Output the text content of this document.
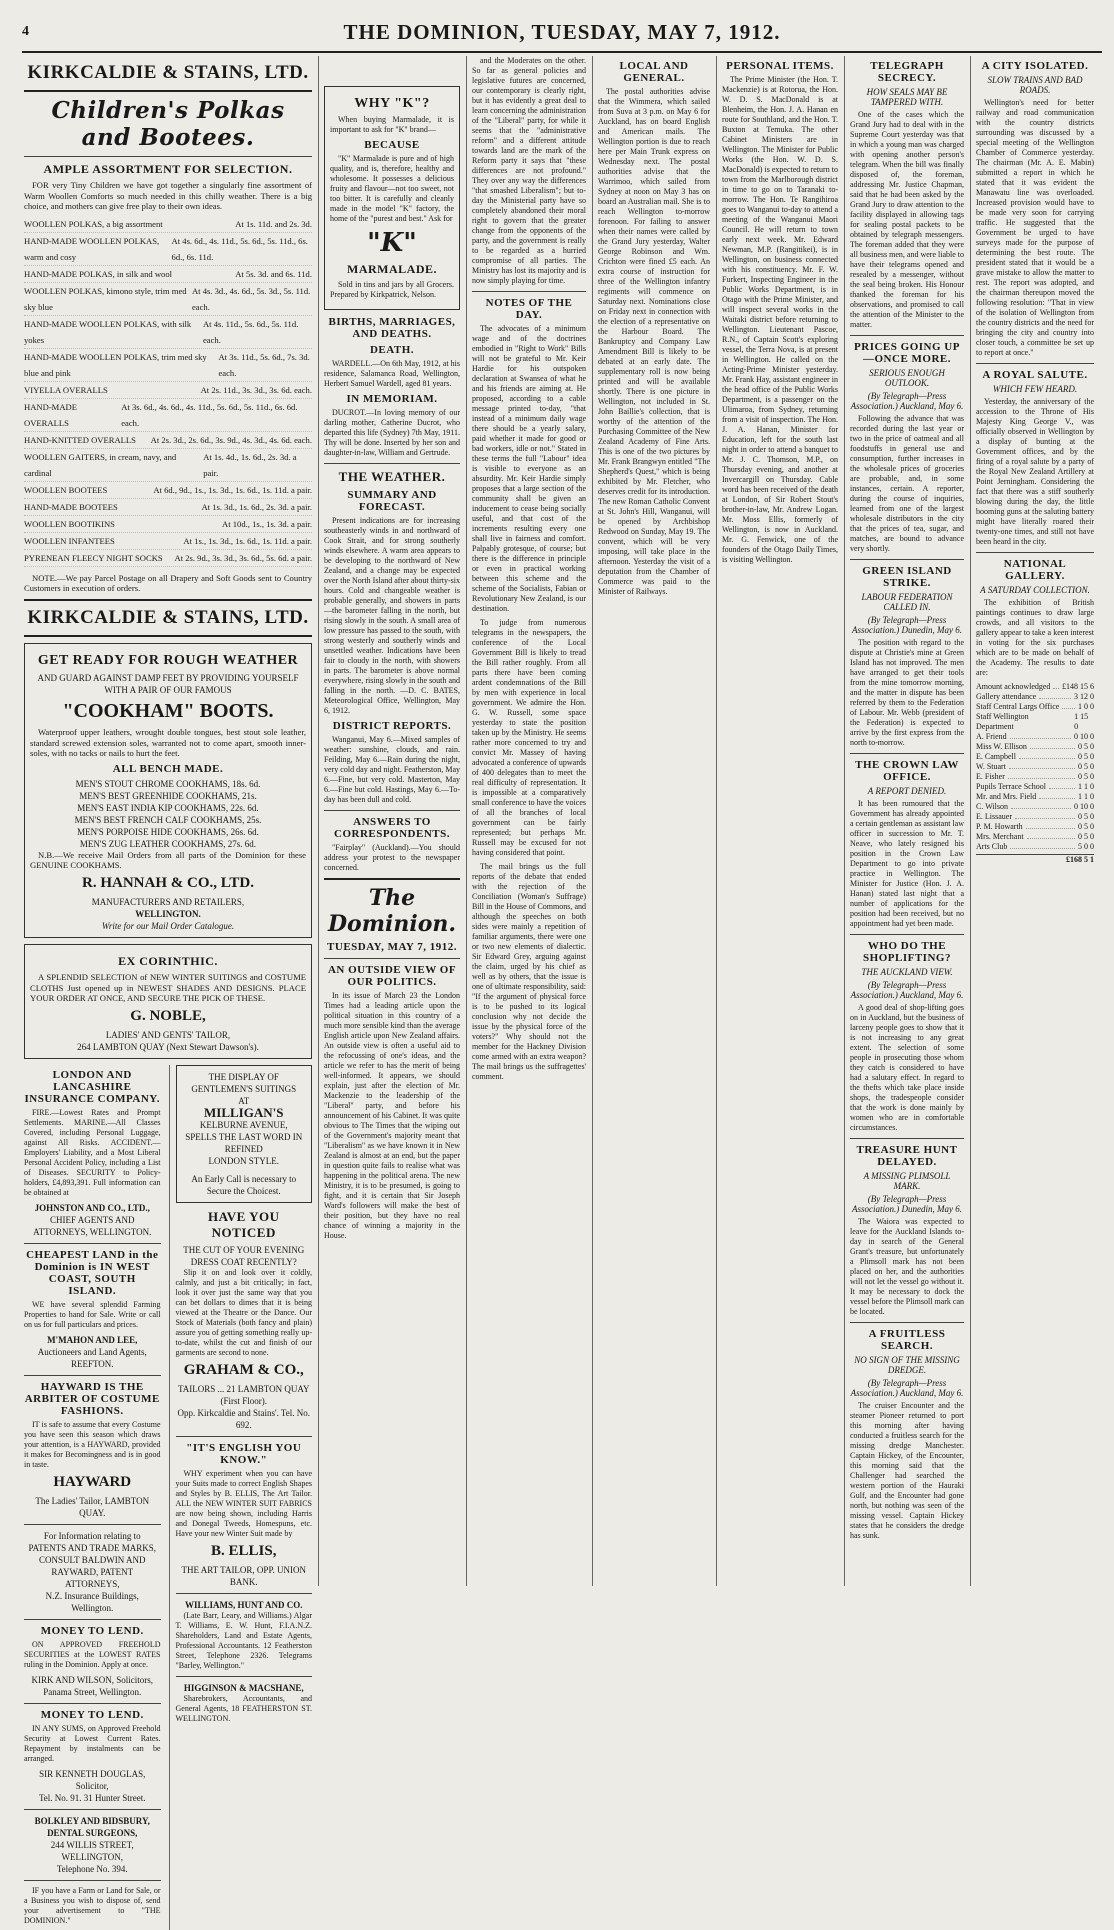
4	THE DOMINION, TUESDAY, MAY 7, 1912.
KIRKCALDIE & STAINS, LTD.
Children's Polkas and Bootees.
AMPLE ASSORTMENT FOR SELECTION.

FOR very Tiny Children we have got together a singularly fine assortment of Warm Woollen Comforts so much needed in this chilly weather. There is a big choice, and mothers can give free play to their own ideas.

WOOLLEN POLKAS, a big assortment	At 1s. 11d. and 2s. 3d.
HAND-MADE WOOLLEN POLKAS, warm and cosy
At 4s. 6d., 4s. 11d., 5s. 6d., 5s. 11d., 6s. 6d., 6s. 11d.
HAND-MADE POLKAS, in silk and wool	At 5s. 3d. and 6s. 11d.
WOOLLEN POLKAS, kimono style, trim med sky blue
At 4s. 3d., 4s. 6d., 5s. 3d., 5s. 11d. each.
HAND-MADE WOOLLEN POLKAS, with silk yokes
At 4s. 11d., 5s. 6d., 5s. 11d. each.
HAND-MADE WOOLLEN POLKAS, trim med sky blue and pink
At 3s. 11d., 5s. 6d., 7s. 3d. each.
VIYELLA OVERALLS	At 2s. 11d., 3s. 3d., 3s. 6d. each.
HAND-MADE OVERALLS
At 3s. 6d., 4s. 6d., 4s. 11d., 5s. 6d., 5s. 11d., 6s. 6d. each.
HAND-KNITTED OVERALLS At 2s. 3d., 2s. 6d., 3s. 9d., 4s. 3d., 4s. 6d. each.
WOOLLEN GAITERS, in cream, navy, and cardinal
At 1s. 4d., 1s. 6d., 2s. 3d. a pair.
WOOLLEN BOOTEES	At 6d., 9d., 1s., 1s. 3d., 1s. 6d., 1s. 11d. a pair.
HAND-MADE BOOTEES	At 1s. 3d., 1s. 6d., 2s. 3d. a pair.
WOOLLEN BOOTIKINS	At 10d., 1s., 1s. 3d. a pair.
WOOLLEN INFANTEES	At 1s., 1s. 3d., 1s. 6d., 1s. 11d. a pair.
PYRENEAN FLEECY NIGHT SOCKS At 2s. 9d., 3s. 3d., 3s. 6d., 5s. 6d. a pair.

NOTE.—We pay Parcel Postage on all Drapery and Soft Goods sent to Country Customers in execution of orders.

KIRKCALDIE & STAINS, LTD.
GET READY FOR ROUGH WEATHER

AND GUARD AGAINST DAMP FEET BY PROVIDING YOURSELF WITH A PAIR OF OUR FAMOUS

"COOKHAM" BOOTS.

Waterproof upper leathers, wrought double tongues, best stout sole leather, standard screwed extension soles, warranted not to come apart, smooth inner-soles, with no tacks or nails to hurt the feet.

ALL BENCH MADE.
MEN'S STOUT CHROME COOKHAMS, 18s. 6d.
MEN'S BEST GREENHIDE COOKHAMS, 21s.
MEN'S EAST INDIA KIP COOKHAMS, 22s. 6d.
MEN'S BEST FRENCH CALF COOKHAMS, 25s.
MEN'S PORPOISE HIDE COOKHAMS, 26s. 6d.
MEN'S ZUG LEATHER COOKHAMS, 27s. 6d.

N.B.—We receive Mail Orders from all parts of the Dominion for these GENUINE COOKHAMS.

R. HANNAH & CO., LTD.

MANUFACTURERS AND RETAILERS,

WELLINGTON.

Write for our Mail Order Catalogue.

EX CORINTHIC.

A SPLENDID SELECTION of NEW WINTER SUITINGS and COSTUME CLOTHS Just opened up in NEWEST SHADES AND DESIGNS. PLACE YOUR ORDER AT ONCE, AND SECURE THE PICK OF THESE.

G. NOBLE,

LADIES' AND GENTS' TAILOR,

264 LAMBTON QUAY (Next Stewart Dawson's).

LONDON AND LANCASHIRE INSURANCE COMPANY.

FIRE.—Lowest Rates and Prompt Settlements. MARINE.—All Classes Covered, including Personal Luggage, against All Risks. ACCIDENT.—Employers' Liability, and a Most Liberal Personal Accident Policy, including a List of Diseases. SECURITY to Policy-holders, £4,893,391. Full information can be obtained at

JOHNSTON AND CO., LTD.,

CHIEF AGENTS AND ATTORNEYS, WELLINGTON.

CHEAPEST LAND in the Dominion is IN WEST COAST, SOUTH ISLAND.

WE have several splendid Farming Properties to hand for Sale. Write or call on us for full particulars and prices.

M'MAHON AND LEE,

Auctioneers and Land Agents, REEFTON.

HAYWARD IS THE ARBITER OF COSTUME FASHIONS.

IT is safe to assume that every Costume you have seen this season which draws your attention, is a HAYWARD, provided it makes for Becomingness and is in good in taste.

HAYWARD

The Ladies' Tailor, LAMBTON QUAY.

For Information relating to PATENTS AND TRADE MARKS, CONSULT BALDWIN AND RAYWARD, PATENT ATTORNEYS,

N.Z. Insurance Buildings, Wellington.

MONEY TO LEND.

ON APPROVED FREEHOLD SECURITIES at the LOWEST RATES ruling in the Dominion. Apply at once.

KIRK AND WILSON, Solicitors,

Panama Street, Wellington.

MONEY TO LEND.

IN ANY SUMS, on Approved Freehold Security at Lowest Current Rates. Repayment by instalments can be arranged.

SIR KENNETH DOUGLAS, Solicitor,

Tel. No. 91. 31 Hunter Street.

BOLKLEY AND BIDSBURY, DENTAL SURGEONS,

244 WILLIS STREET, WELLINGTON,

Telephone No. 394.

IF you have a Farm or Land for Sale, or a Business you wish to dispose of, send your advertisement to "THE DOMINION."

THE DISPLAY OF

GENTLEMEN'S SUITINGS

AT

MILLIGAN'S

KELBURNE AVENUE,

SPELLS THE LAST WORD IN

REFINED

LONDON STYLE.

An Early Call is necessary to Secure the Choicest.

HAVE YOU NOTICED

THE CUT OF YOUR EVENING DRESS COAT RECENTLY?

Slip it on and look over it coldly, calmly, and just a bit critically; in fact, look it over just the same way that you can bet dollars to dimes that it is being viewed at the Theatre or the Dance. Our Stock of Materials (both fancy and plain) assure you of getting something really up-to-date, whilst the cut and finish of our garments are second to none.

GRAHAM & CO.,

TAILORS ... 21 LAMBTON QUAY (First Floor).

Opp. Kirkcaldie and Stains'. Tel. No. 692.

"IT'S ENGLISH YOU KNOW."

WHY experiment when you can have your Suits made to correct English Shapes and Styles by B. ELLIS, The Art Tailor. ALL the NEW WINTER SUIT FABRICS are now being shown, including Harris and Donegal Tweeds, Homespuns, etc. Have your new Winter Suit made by

B. ELLIS,

THE ART TAILOR, OPP. UNION BANK.

WILLIAMS, HUNT AND CO.

(Late Barr, Leary, and Williams.) Algar T. Williams, E. W. Hunt, F.I.A.N.Z. Shareholders, Land and Estate Agents, Professional Accountants. 12 Featherston Street, Telephone 2326. Telegrams "Barley, Wellington."

HIGGINSON & MACSHANE,

Sharebrokers, Accountants, and General Agents, 18 FEATHERSTON ST. WELLINGTON.

WHY "K"?

When buying Marmalade, it is important to ask for "K" brand—

BECAUSE

"K" Marmalade is pure and of high quality, and is, therefore, healthy and wholesome. It possesses a delicious fruity and flavour—not too sweet, not too bitter. It is carefully and cleanly made in the model "K" factory, the home of the "purest and best." Ask for

"K"
MARMALADE.

Sold in tins and jars by all Grocers. Prepared by Kirkpatrick, Nelson.

BIRTHS, MARRIAGES, AND DEATHS.
DEATH.

WARDELL.—On 6th May, 1912, at his residence, Salamanca Road, Wellington, Herbert Samuel Wardell, aged 81 years.

IN MEMORIAM.

DUCROT.—In loving memory of our darling mother, Catherine Ducrot, who departed this life (Sydney) 7th May, 1911. Thy will be done. Inserted by her son and daughter-in-law, William and Gertrude.

THE WEATHER.
SUMMARY AND FORECAST.

Present indications are for increasing southeasterly winds in and northward of Cook Strait, and for strong southerly winds elsewhere. A warm area appears to be developing to the northward of New Zealand, and a change may be expected over the North Island after about thirty-six hours. Cold and changeable weather is probable generally, and showers in parts—the barometer falling in the north, but rising slowly in the south. A small area of low pressure has passed to the south, with strong westerly and southerly winds and unsettled weather. Indications have been fair to cloudy in the north, with showers in parts. The barometer is above normal everywhere, rising slowly in the south and falling in the north. —D. C. BATES, Meteorological Office, Wellington, May 6, 1912.

DISTRICT REPORTS.

Wanganui, May 6.—Mixed samples of weather: sunshine, clouds, and rain. Feilding, May 6.—Rain during the night, very cold day and night. Featherston, May 6.—Fine, but very cold. Masterton, May 6.—Fine but cold. Hastings, May 6.—To-day has been dull and cold.

ANSWERS TO CORRESPONDENTS.

"Fairplay" (Auckland).—You should address your protest to the newspaper concerned.

The Dominion.
TUESDAY, MAY 7, 1912.
AN OUTSIDE VIEW OF OUR POLITICS.

In its issue of March 23 the London Times had a leading article upon the political situation in this country of a much more sensible kind than the average English article upon New Zealand affairs. An outside view is often a useful aid to the refocussing of one's ideas, and the article we refer to has the merit of being well-informed. It appears, we should explain, just after the election of Mr. Mackenzie to the leadership of the "Liberal" party, and before his announcement of his Cabinet. It was quite obvious to The Times that the wiping out of the Government's majority meant that "Liberalism" as we have known it in New Zealand is almost at an end, but the paper in question quite fails to realise what was happening in the political arena. The new Ministry, it is to be presumed, is going to fight, and it is certain that Sir Joseph Ward's followers will make the best of their position, but they have no real chance of winning a majority in the House.

and the Moderates on the other. So far as general policies and legislative futures are concerned, our contemporary is clearly right, but it has evidently a great deal to learn concerning the administration of the "Liberal" party, for while it seems that the "administrative reform" and a different attitude towards land are the mark of the Reform party it says that "these differences are not profound." They over any way the differences "that smashed Liberalism"; but to-day the Ministerial party have so completely abandoned their moral right to govern that the greater change from the opponents of the party, and the government is really to be regarded as a hurried compromise of all parties. The Ministry has lost its majority and is now simply playing for time.

NOTES OF THE DAY.

The advocates of a minimum wage and of the doctrines embodied in "Right to Work" Bills will not be grateful to Mr. Keir Hardie for his outspoken declaration at Swansea of what he and his friends are aiming at. He proposed, according to a cable message printed to-day, "that instead of a minimum daily wage there should be a yearly salary, paid whether it made for good or bad workers, idle or not." Stated in these terms the full "Labour" idea is visible to everyone as an absurdity. Mr. Keir Hardie simply proposes that a large section of the community shall be given an inducement to cease being socially useful, and that cost of the increments resulting every one shall live in fairness and comfort. Palpably grotesque, of course; but there is the difference in principle or even in practical working between this scheme and the scheme of the Socialists, Fabian or Revolutionary New Zealand, is our destination.

To judge from numerous telegrams in the newspapers, the conference of the Local Government Bill is likely to tread the Bill rather roughly. From all parts there have been coming ardent condemnations of the Bill by men with experience in local government. We admire the Hon. G. W. Russell, some space yesterday to state the position taken up by the Ministry. He seems rather more concerned to try and convict Mr. Massey of having advocated a conference of upwards of 400 delegates than to meet the real difficulty of representation. It is impossible at a comparatively small conference to have the voices of all the branches of local government can be fairly represented; but perhaps Mr. Russell may be excused for not having considered that point.

The mail brings us the full reports of the debate that ended with the rejection of the Conciliation (Woman's Suffrage) Bill in the House of Commons, and although the speeches on both sides were mainly a repetition of familiar arguments, there were one or two new elements of dialectic. Sir Edward Grey, arguing against the claim, urged by his chief as well as by others, that the issue is one of ultimate responsibility, said: "If the argument of physical force is to be pushed to its logical conclusion why not decide the issue by the physical force of the voters?" Why should not the member for the Hackney Division come armed with an extra weapon? The mail brings us the suffragettes' comment.

LOCAL AND GENERAL.

The postal authorities advise that the Wimmera, which sailed from Suva at 3 p.m. on May 6 for Auckland, has on board English and American mails. The Wellington portion is due to reach here per Main Trunk express on Wednesday next. The postal authorities advise that the Warrimoo, which sailed from Sydney at noon on May 3 has on board an Australian mail. She is to reach Wellington to-morrow forenoon. For failing to answer when their names were called by the Grand Jury yesterday, Walter George Robinson and Wm. Crichton were fined £5 each. An extra course of instruction for three of the Wellington infantry regiments will commence on Saturday next. Nominations close on Friday next in connection with the election of a representative on the Harbour Board. The Bankruptcy and Company Law Amendment Bill is likely to be debated at an early date. The supplementary roll is now being printed and will be available shortly. There is one picture in Wellington, not included in St. John Baillie's collection, that is worthy of the attention of the Purchasing Committee of the New Zealand Academy of Fine Arts. This is one of the two pictures by Mr. Frank Brangwyn entitled "The Shepherd's Quest," which is being exhibited by Mr. Fletcher, who deserves credit for its introduction. The new Roman Catholic Convent at St. John's Hill, Wanganui, will be opened by Archbishop Redwood on Sunday, May 19. The convent, which will be very imposing, will take place in the afternoon. Yesterday the visit of a deputation from the Chamber of Commerce was paid to the Minister of Railways.

PERSONAL ITEMS.

The Prime Minister (the Hon. T. Mackenzie) is at Rotorua, the Hon. W. D. S. MacDonald is at Blenheim, the Hon. J. A. Hanan en route for Southland, and the Hon. T. Buxton at Temuka. The other Cabinet Ministers are in Wellington. The Minister for Public Works (the Hon. W. D. S. MacDonald) is expected to return to town from the Marlborough district in time to go on to Taranaki to-morrow. The Hon. Te Rangihiroa goes to Wanganui to-day to attend a meeting of the Wanganui Maori Council. He will return to town early next week. Mr. Edward Newman, M.P. (Rangitikei), is in Wellington, on business connected with his constituency. Mr. F. W. Furkert, Inspecting Engineer in the Public Works Department, is in Otago with the Prime Minister, and will inspect several works in the Waitaki district before returning to Wellington. Lieutenant Pascoe, R.N., of Captain Scott's exploring vessel, the Terra Nova, is at present in Wellington. He called on the Acting-Prime Minister yesterday. Mr. Frank Hay, assistant engineer in the head office of the Public Works Department, is a passenger on the Ulimaroa, from Sydney, returning from a visit of inspection. The Hon. J. A. Hanan, Minister for Education, left for the south last night in order to attend a banquet to Mr. J. C. Thomson, M.P., on Thursday evening, and another at Invercargill on Thursday. Cable word has been received of the death at London, of Sir Robert Stout's brother-in-law, Mr. Andrew Logan. Mr. Moss Ellis, formerly of Wellington, is now in Auckland. Mr. G. Fenwick, one of the founders of the Otago Daily Times, is visiting Wellington.

TELEGRAPH SECRECY.

HOW SEALS MAY BE TAMPERED WITH.

One of the cases which the Grand Jury had to deal with in the Supreme Court yesterday was that in which a young man was charged with opening another person's telegram. When the bill was finally disposed of, the foreman, addressing Mr. Justice Chapman, said that he had been asked by the Grand Jury to draw attention to the facility displayed in allowing tags for sealing postal packets to be obtained by telegraph messengers. The foreman added that they were all business men, and were liable to have their telegrams opened and resealed by a messenger, without the seal being broken. His Honour thanked the foreman for his observations, and promised to call the attention of the Minister to the matter.

PRICES GOING UP—ONCE MORE.

SERIOUS ENOUGH OUTLOOK.

(By Telegraph—Press Association.) Auckland, May 6.

Following the advance that was recorded during the last year or two in the price of oatmeal and all foodstuffs in general use and consumption, further increases in the wholesale prices of groceries are probable, and, in some instances, certain. A reporter, during the course of inquiries, learned from one of the largest wholesale distributors in the city that the prices of tea, sugar, and matches, are bound to advance very shortly.

GREEN ISLAND STRIKE.

LABOUR FEDERATION CALLED IN.

(By Telegraph—Press Association.) Dunedin, May 6.

The position with regard to the dispute at Christie's mine at Green Island has not improved. The men have arranged to get their tools from the mine tomorrow morning, and the matter in dispute has been referred by them to the Federation of Labour. Mr. Webb (president of the Federation) is expected to arrive by the first express from the north to-morrow.

THE CROWN LAW OFFICE.

A REPORT DENIED.

It has been rumoured that the Government has already appointed a certain gentleman as assistant law officer in succession to Mr. T. Neave, who lately resigned his position in the Crown Law Department to go into private practice in Wellington. The Minister for Justice (Hon. J. A. Hanan) stated last night that a number of applications for the position had been received, but no appointment had yet been made.

WHO DO THE SHOPLIFTING?

THE AUCKLAND VIEW.

(By Telegraph—Press Association.) Auckland, May 6.

A good deal of shop-lifting goes on in Auckland, but the business of larceny people goes to show that it is not increasing to any great extent. The selection of some people in prosecuting those whom they catch is considered to have had a salutary effect. In regard to the thefts which take place inside shops, the tradespeople consider that the work is done mainly by women who are in comfortable circumstances.

TREASURE HUNT DELAYED.

A MISSING PLIMSOLL MARK.

(By Telegraph—Press Association.) Dunedin, May 6.

The Waiora was expected to leave for the Auckland Islands to-day in search of the General Grant's treasure, but unfortunately a Plimsoll mark has not been placed on her, and the authorities will not let the vessel go without it. It may be necessary to dock the vessel before the Plimsoll mark can be located.

A FRUITLESS SEARCH.

NO SIGN OF THE MISSING DREDGE.

(By Telegraph—Press Association.) Auckland, May 6.

The cruiser Encounter and the steamer Pioneer returned to port this morning after having conducted a fruitless search for the missing dredge Manchester. Captain Hickey, of the Encounter, this morning said that the Challenger had searched the western portion of the Hauraki Gulf, and the Encounter had gone north, but nothing was seen of the missing vessel. Captain Hickey states that he considers the dredge has sunk.

A CITY ISOLATED.

SLOW TRAINS AND BAD ROADS.

Wellington's need for better railway and road communication with the country districts surrounding was discussed by a special meeting of the Wellington Chamber of Commerce yesterday. The chairman (Mr. A. E. Mabin) submitted a report in which he stated that it was evident the Manawatu line was overloaded. Increased provision would have to be made very soon for carrying traffic. He suggested that the Government be urged to have surveys made for the purpose of determining the best route. The president stated that it would be a grave mistake to allow the matter to rest. The report was adopted, and the chairman thereupon moved the following resolution: "That in view of the isolation of Wellington from the country districts and the need for bringing the city and country into closer touch, a committee be set up to report at once."

A ROYAL SALUTE.

WHICH FEW HEARD.

Yesterday, the anniversary of the accession to the Throne of His Majesty King George V., was officially observed in Wellington by a display of bunting at the Government offices, and by the firing of a royal salute by a party of the Royal New Zealand Artillery at Point Jerningham. Considering the fact that there was a stiff southerly blowing during the day, the little booming guns at the saluting battery might have literally roared their twenty-one times, and still not have been heard in the city.

NATIONAL GALLERY.

A SATURDAY COLLECTION.

The exhibition of British paintings continues to draw large crowds, and all visitors to the gallery appear to take a keen interest in voting for the six purchases which are to be made on behalf of the Academy. The results to date are:

Amount acknowledged £148 15 6
Gallery attendance	3 12 0
Staff Central Largs Office 1 0 0
Staff Wellington Department
1 15 0
A. Friend	0 10 0
Miss W. Ellison	0 5 0
E. Campbell	0 5 0
W. Stuart	0 5 0
E. Fisher	0 5 0
Pupils Terrace School	1 1 0
Mr. and Mrs. Field	1 1 0
C. Wilson	0 10 0
E. Lissauer	0 5 0
P. M. Howarth	0 5 0
Mrs. Merchant	0 5 0
Arts Club	5 0 0
£168 5 1
